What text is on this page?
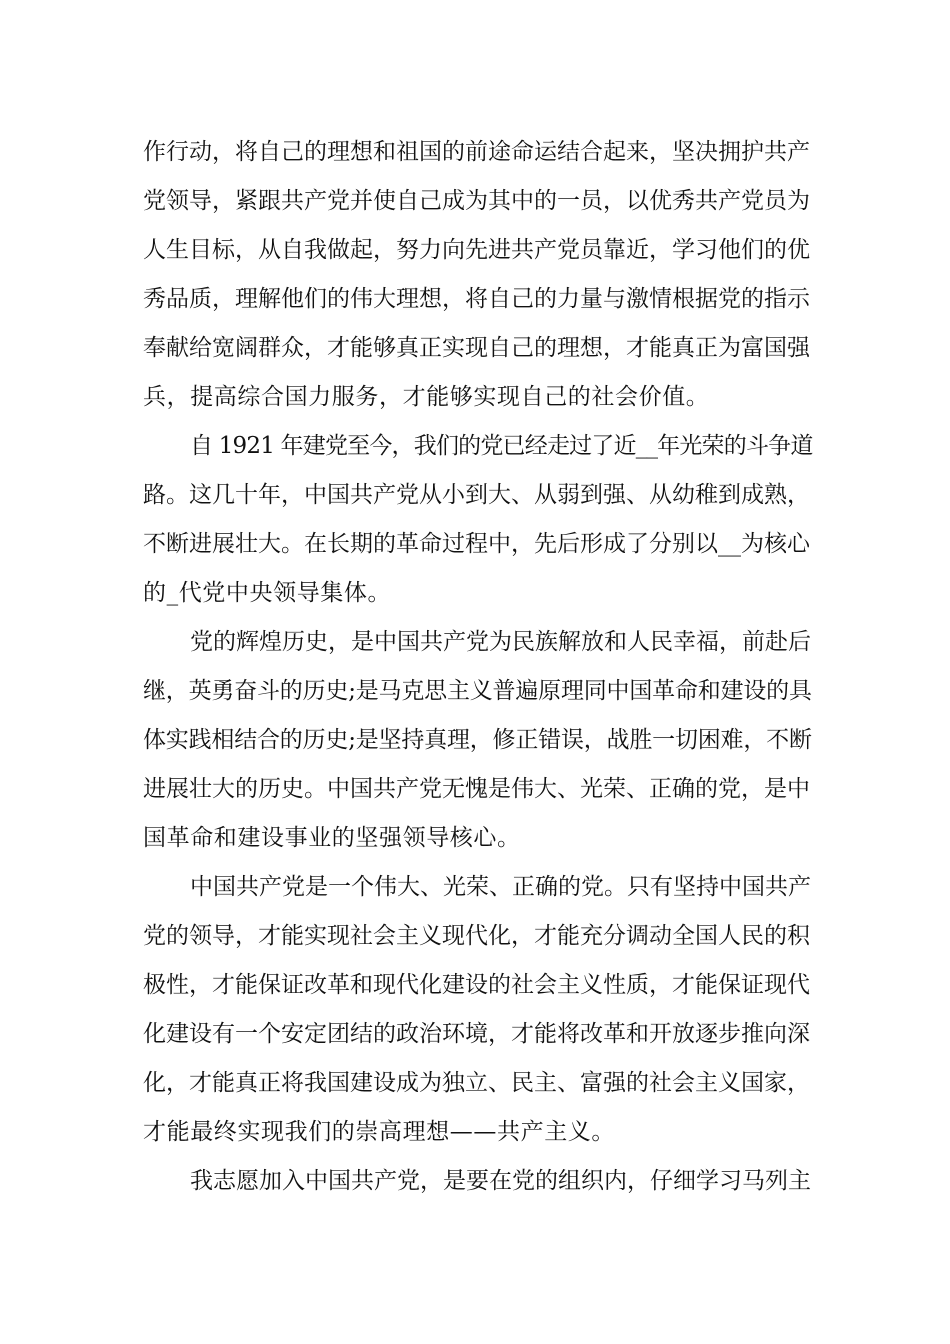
作行动，将自己的理想和祖国的前途命运结合起来，坚决拥护共产
党领导，紧跟共产党并使自己成为其中的一员，以优秀共产党员为
人生目标，从自我做起，努力向先进共产党员靠近，学习他们的优
秀品质，理解他们的伟大理想，将自己的力量与激情根据党的指示
奉献给宽阔群众，才能够真正实现自己的理想，才能真正为富国强
兵，提高综合国力服务，才能够实现自己的社会价值。
自 1921 年建党至今，我们的党已经走过了近__年光荣的斗争道
路。这几十年，中国共产党从小到大、从弱到强、从幼稚到成熟，
不断进展壮大。在长期的革命过程中，先后形成了分别以__为核心
的_代党中央领导集体。
党的辉煌历史，是中国共产党为民族解放和人民幸福，前赴后
继，英勇奋斗的历史;是马克思主义普遍原理同中国革命和建设的具
体实践相结合的历史;是坚持真理，修正错误，战胜一切困难，不断
进展壮大的历史。中国共产党无愧是伟大、光荣、正确的党，是中
国革命和建设事业的坚强领导核心。
中国共产党是一个伟大、光荣、正确的党。只有坚持中国共产
党的领导，才能实现社会主义现代化，才能充分调动全国人民的积
极性，才能保证改革和现代化建设的社会主义性质，才能保证现代
化建设有一个安定团结的政治环境，才能将改革和开放逐步推向深
化，才能真正将我国建设成为独立、民主、富强的社会主义国家，
才能最终实现我们的崇高理想——共产主义。
我志愿加入中国共产党，是要在党的组织内，仔细学习马列主
